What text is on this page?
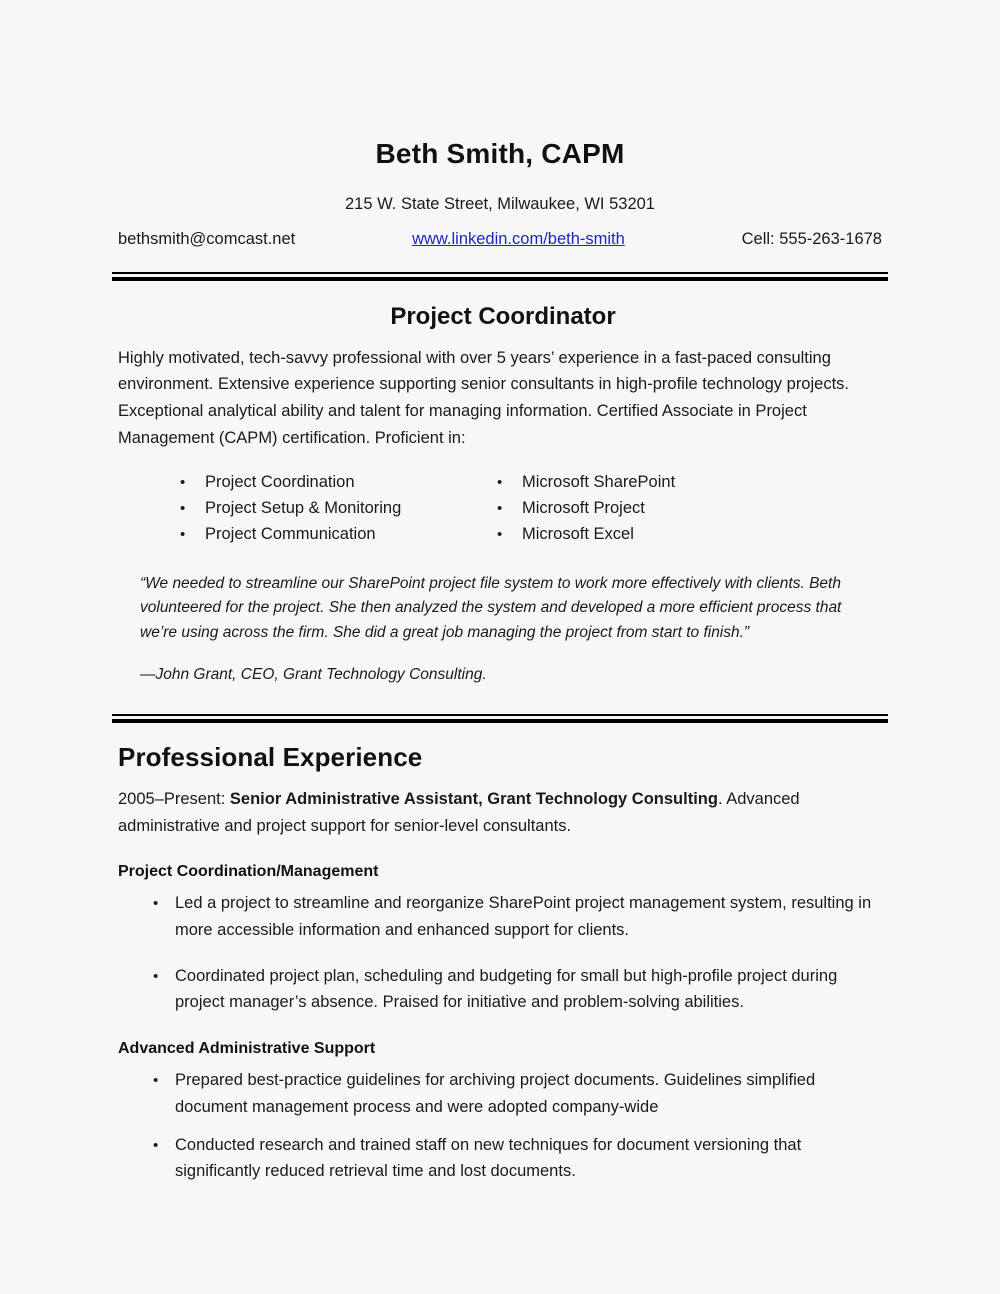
Beth Smith, CAPM
215 W. State Street, Milwaukee, WI 53201
bethsmith@comcast.net	www.linkedin.com/beth-smith	Cell: 555-263-1678
Project Coordinator
Highly motivated, tech-savvy professional with over 5 years’ experience in a fast-paced consulting environment. Extensive experience supporting senior consultants in high-profile technology projects. Exceptional analytical ability and talent for managing information. Certified Associate in Project Management (CAPM) certification. Proficient in:
•	Project Coordination
•	Project Setup & Monitoring
•	Project Communication
•	Microsoft SharePoint
•	Microsoft Project
•	Microsoft Excel
“We needed to streamline our SharePoint project file system to work more effectively with clients. Beth volunteered for the project. She then analyzed the system and developed a more efficient process that we’re using across the firm. She did a great job managing the project from start to finish.”
—John Grant, CEO, Grant Technology Consulting.
Professional Experience
2005–Present: Senior Administrative Assistant, Grant Technology Consulting. Advanced administrative and project support for senior-level consultants.
Project Coordination/Management
•	Led a project to streamline and reorganize SharePoint project management system, resulting in more accessible information and enhanced support for clients.
•	Coordinated project plan, scheduling and budgeting for small but high-profile project during project manager’s absence. Praised for initiative and problem-solving abilities.
Advanced Administrative Support
•	Prepared best-practice guidelines for archiving project documents. Guidelines simplified document management process and were adopted company-wide
•	Conducted research and trained staff on new techniques for document versioning that significantly reduced retrieval time and lost documents.
